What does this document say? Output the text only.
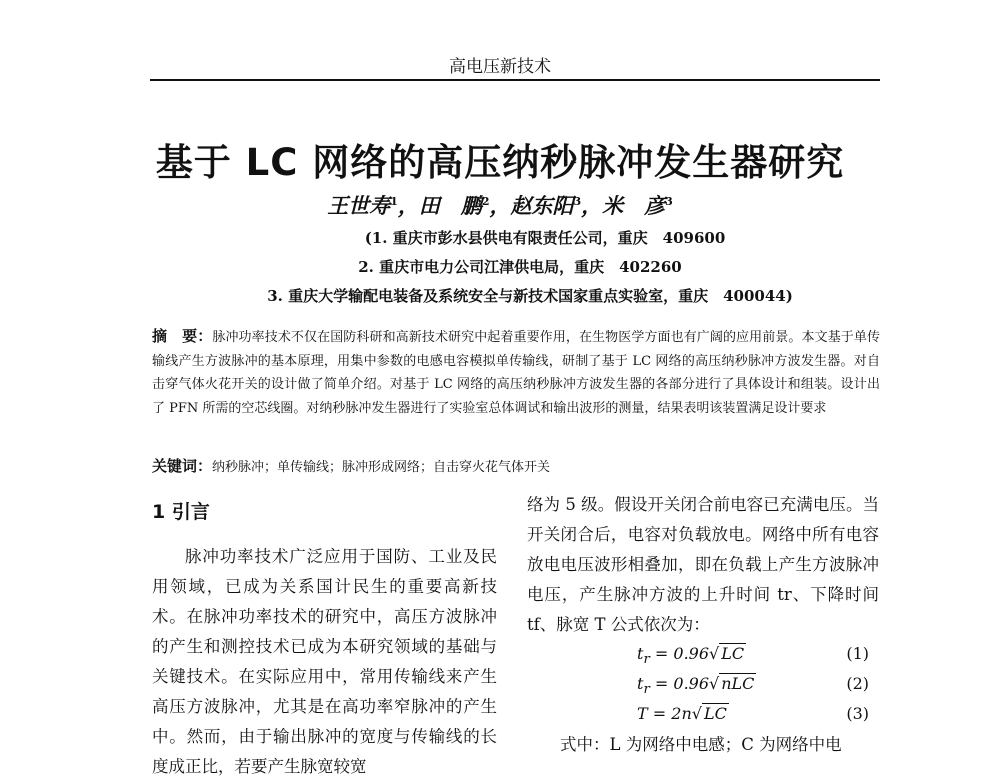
高电压新技术
基于 LC 网络的高压纳秒脉冲发生器研究
王世寿$^1$，田　鹏$^2$，赵东阳$^3$，米　彦$^3$
(1. 重庆市彭水县供电有限责任公司，重庆　409600
2. 重庆市电力公司江津供电局，重庆　402260
3. 重庆大学输配电装备及系统安全与新技术国家重点实验室，重庆　400044)
摘　要：脉冲功率技术不仅在国防科研和高新技术研究中起着重要作用，在生物医学方面也有广阔的应用前景。本文基于单传输线产生方波脉冲的基本原理，用集中参数的电感电容模拟单传输线，研制了基于 LC 网络的高压纳秒脉冲方波发生器。对自击穿气体火花开关的设计做了简单介绍。对基于 LC 网络的高压纳秒脉冲方波发生器的各部分进行了具体设计和组装。设计出了 PFN 所需的空芯线圈。对纳秒脉冲发生器进行了实验室总体调试和输出波形的测量，结果表明该装置满足设计要求
关键词：纳秒脉冲；单传输线；脉冲形成网络；自击穿火花气体开关
1 引言

脉冲功率技术广泛应用于国防、工业及民用领域，已成为关系国计民生的重要高新技术。在脉冲功率技术的研究中，高压方波脉冲的产生和测控技术已成为本研究领域的基础与关键技术。在实际应用中，常用传输线来产生高压方波脉冲，尤其是在高功率窄脉冲的产生中。然而，由于输出脉冲的宽度与传输线的长度成正比，若要产生脉宽较宽

络为 5 级。假设开关闭合前电容已充满电压。当开关闭合后，电容对负载放电。网络中所有电容放电电压波形相叠加，即在负载上产生方波脉冲电压，产生脉冲方波的上升时间 tr、下降时间 tf、脉宽 T 公式依次为：

$t_r = 0.96√$ LC	(1)
$t_r = 0.96√$ nLC	(2)
T = 2n√ LC	(3)

式中：L 为网络中电感；C 为网络中电
